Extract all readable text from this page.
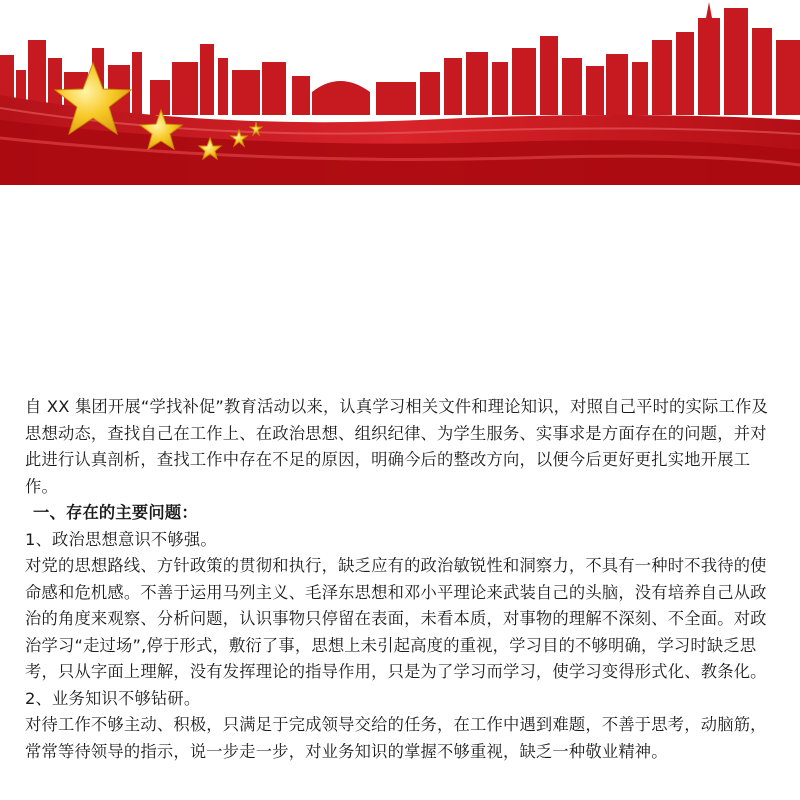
自 XX 集团开展“学找补促”教育活动以来，认真学习相关文件和理论知识，对照自己平时的实际工作及思想动态，查找自己在工作上、在政治思想、组织纪律、为学生服务、实事求是方面存在的问题，并对此进行认真剖析，查找工作中存在不足的原因，明确今后的整改方向，以便今后更好更扎实地开展工作。

一、存在的主要问题：

1、政治思想意识不够强。

对党的思想路线、方针政策的贯彻和执行，缺乏应有的政治敏锐性和洞察力，不具有一种时不我待的使命感和危机感。不善于运用马列主义、毛泽东思想和邓小平理论来武装自己的头脑，没有培养自己从政治的角度来观察、分析问题，认识事物只停留在表面，未看本质，对事物的理解不深刻、不全面。对政治学习“走过场”,停于形式，敷衍了事，思想上未引起高度的重视，学习目的不够明确，学习时缺乏思考，只从字面上理解，没有发挥理论的指导作用，只是为了学习而学习，使学习变得形式化、教条化。

2、业务知识不够钻研。

对待工作不够主动、积极，只满足于完成领导交给的任务，在工作中遇到难题，不善于思考，动脑筋，常常等待领导的指示，说一步走一步，对业务知识的掌握不够重视，缺乏一种敬业精神。
